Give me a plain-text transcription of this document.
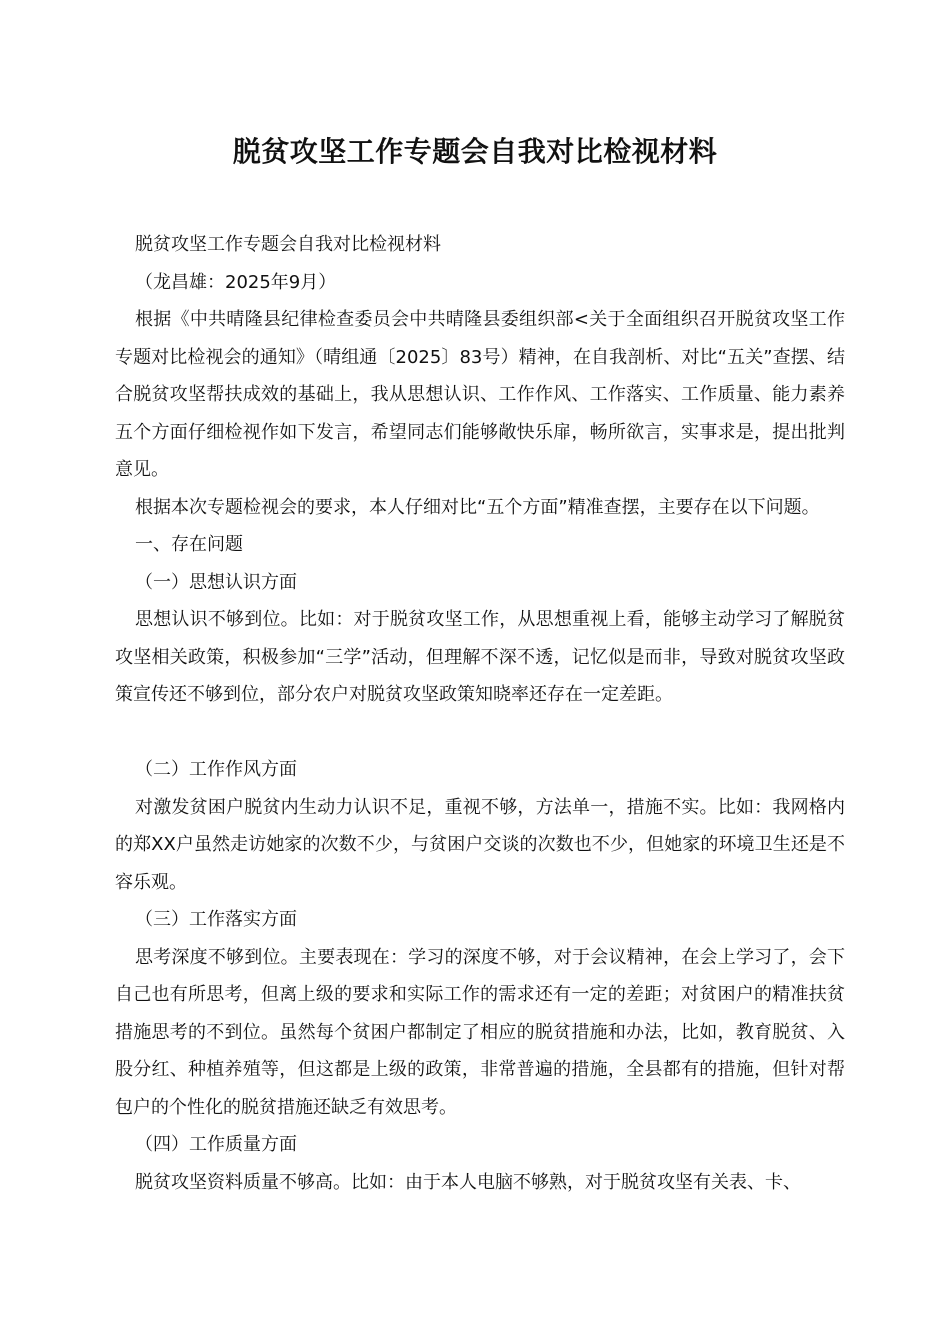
脱贫攻坚工作专题会自我对比检视材料

脱贫攻坚工作专题会自我对比检视材料

（龙昌雄：2025年9月）

根据《中共晴隆县纪律检查委员会中共晴隆县委组织部<关于全面组织召开脱贫攻坚工作专题对比检视会的通知》（晴组通〔2025〕83号）精神，在自我剖析、对比“五关”查摆、结合脱贫攻坚帮扶成效的基础上，我从思想认识、工作作风、工作落实、工作质量、能力素养五个方面仔细检视作如下发言，希望同志们能够敞快乐扉，畅所欲言，实事求是，提出批判意见。

根据本次专题检视会的要求，本人仔细对比“五个方面”精准查摆，主要存在以下问题。

一、存在问题

（一）思想认识方面

思想认识不够到位。比如：对于脱贫攻坚工作，从思想重视上看，能够主动学习了解脱贫攻坚相关政策，积极参加“三学”活动，但理解不深不透，记忆似是而非，导致对脱贫攻坚政策宣传还不够到位，部分农户对脱贫攻坚政策知晓率还存在一定差距。

（二）工作作风方面

对激发贫困户脱贫内生动力认识不足，重视不够，方法单一，措施不实。比如：我网格内的郑XX户虽然走访她家的次数不少，与贫困户交谈的次数也不少，但她家的环境卫生还是不容乐观。

（三）工作落实方面

思考深度不够到位。主要表现在：学习的深度不够，对于会议精神，在会上学习了，会下自己也有所思考，但离上级的要求和实际工作的需求还有一定的差距；对贫困户的精准扶贫措施思考的不到位。虽然每个贫困户都制定了相应的脱贫措施和办法，比如，教育脱贫、入股分红、种植养殖等，但这都是上级的政策，非常普遍的措施，全县都有的措施，但针对帮包户的个性化的脱贫措施还缺乏有效思考。

（四）工作质量方面

脱贫攻坚资料质量不够高。比如：由于本人电脑不够熟，对于脱贫攻坚有关表、卡、
